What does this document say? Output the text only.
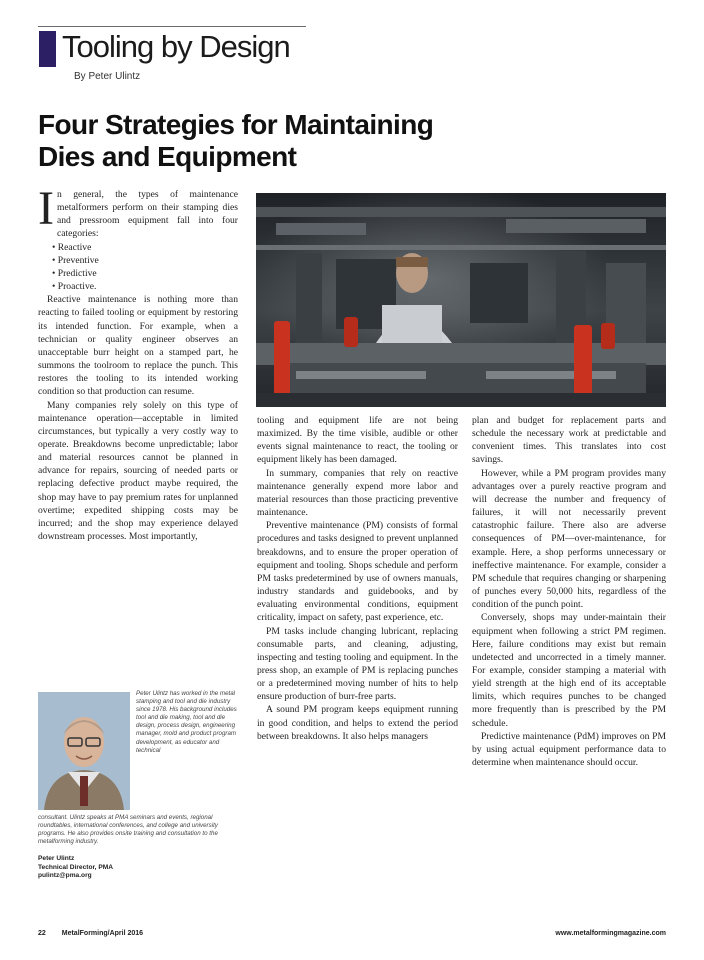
Tooling by Design
By Peter Ulintz
Four Strategies for Maintaining Dies and Equipment

In general, the types of maintenance metalformers perform on their stamping dies and pressroom equipment fall into four categories:

• Reactive
• Preventive
• Predictive
• Proactive.

Reactive maintenance is nothing more than reacting to failed tooling or equipment by restoring its intended function. For example, when a technician or quality engineer observes an unacceptable burr height on a stamped part, he summons the toolroom to replace the punch. This restores the tooling to its intended working condition so that production can resume.

Many companies rely solely on this type of maintenance operation—acceptable in limited circumstances, but typically a very costly way to operate. Breakdowns become unpredictable; labor and material resources cannot be planned in advance for repairs, sourcing of needed parts or replacing defective product maybe required, the shop may have to pay premium rates for unplanned overtime; expedited shipping costs may be incurred; and the shop may experience delayed downstream processes. Most importantly,

tooling and equipment life are not being maximized. By the time visible, audible or other events signal maintenance to react, the tooling or equipment likely has been damaged.

In summary, companies that rely on reactive maintenance generally expend more labor and material resources than those practicing preventive maintenance.

Preventive maintenance (PM) consists of formal procedures and tasks designed to prevent unplanned breakdowns, and to ensure the proper operation of equipment and tooling. Shops schedule and perform PM tasks predetermined by use of owners manuals, industry standards and guidebooks, and by evaluating environmental conditions, equipment criticality, impact on safety, past experience, etc.

PM tasks include changing lubricant, replacing consumable parts, and cleaning, adjusting, inspecting and testing tooling and equipment. In the press shop, an example of PM is replacing punches or a predetermined moving number of hits to help ensure production of burr-free parts.

A sound PM program keeps equipment running in good condition, and helps to extend the period between breakdowns. It also helps managers

plan and budget for replacement parts and schedule the necessary work at predictable and convenient times. This translates into cost savings.

However, while a PM program provides many advantages over a purely reactive program and will decrease the number and frequency of failures, it will not necessarily prevent catastrophic failure. There also are adverse consequences of PM—over-maintenance, for example. Here, a shop performs unnecessary or ineffective maintenance. For example, consider a PM schedule that requires changing or sharpening of punches every 50,000 hits, regardless of the condition of the punch point.

Conversely, shops may under-maintain their equipment when following a strict PM regimen. Here, failure conditions may exist but remain undetected and uncorrected in a timely manner. For example, consider stamping a material with yield strength at the high end of its acceptable limits, which requires punches to be changed more frequently than is prescribed by the PM schedule.

Predictive maintenance (PdM) improves on PM by using actual equipment performance data to determine when maintenance should occur.

Peter Ulintz has worked in the metal stamping and tool and die industry since 1978. His background includes tool and die making, tool and die design, process design, engineering manager, mold and product program development, as educator and technical
consultant. Ulintz speaks at PMA seminars and events, regional roundtables, international conferences, and college and university programs. He also provides onsite training and consultation to the metalforming industry.
Peter Ulintz
Technical Director, PMA
pulintz@pma.org
22 MetalForming/April 2016	www.metalformingmagazine.com
